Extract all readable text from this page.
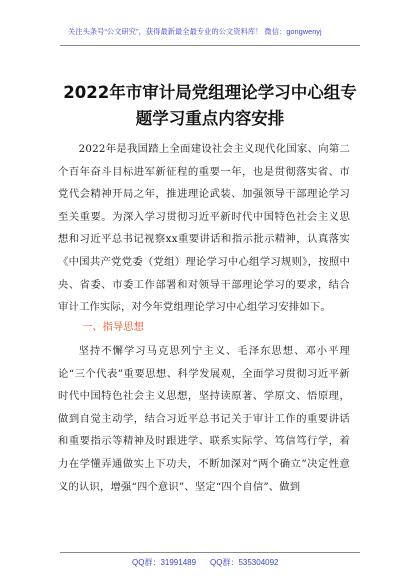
关注头条号“公文研究”，获得最新最全最专业的公文资料库！ 微信：gongwenyj
2022年市审计局党组理论学习中心组专题学习重点内容安排
2022年是我国踏上全面建设社会主义现代化国家、向第二个百年奋斗目标进军新征程的重要一年，也是贯彻落实省、市党代会精神开局之年，推进理论武装、加强领导干部理论学习至关重要。为深入学习贯彻习近平新时代中国特色社会主义思想和习近平总书记视察xx重要讲话和指示批示精神，认真落实《中国共产党党委（党组）理论学习中心组学习规则》，按照中央、省委、市委工作部署和对领导干部理论学习的要求，结合审计工作实际，对今年党组理论学习中心组学习安排如下。
一、指导思想
坚持不懈学习马克思列宁主义、毛泽东思想、邓小平理论“三个代表”重要思想、科学发展观，全面学习贯彻习近平新时代中国特色社会主义思想，坚持读原著、学原文、悟原理，做到自觉主动学，结合习近平总书记关于审计工作的重要讲话和重要指示等精神及时跟进学、联系实际学、笃信笃行学，着力在学懂弄通做实上下功夫，不断加深对“两个确立”决定性意义的认识，增强“四个意识”、坚定“四个自信”、做到
QQ群：31991489 QQ群：535304092
